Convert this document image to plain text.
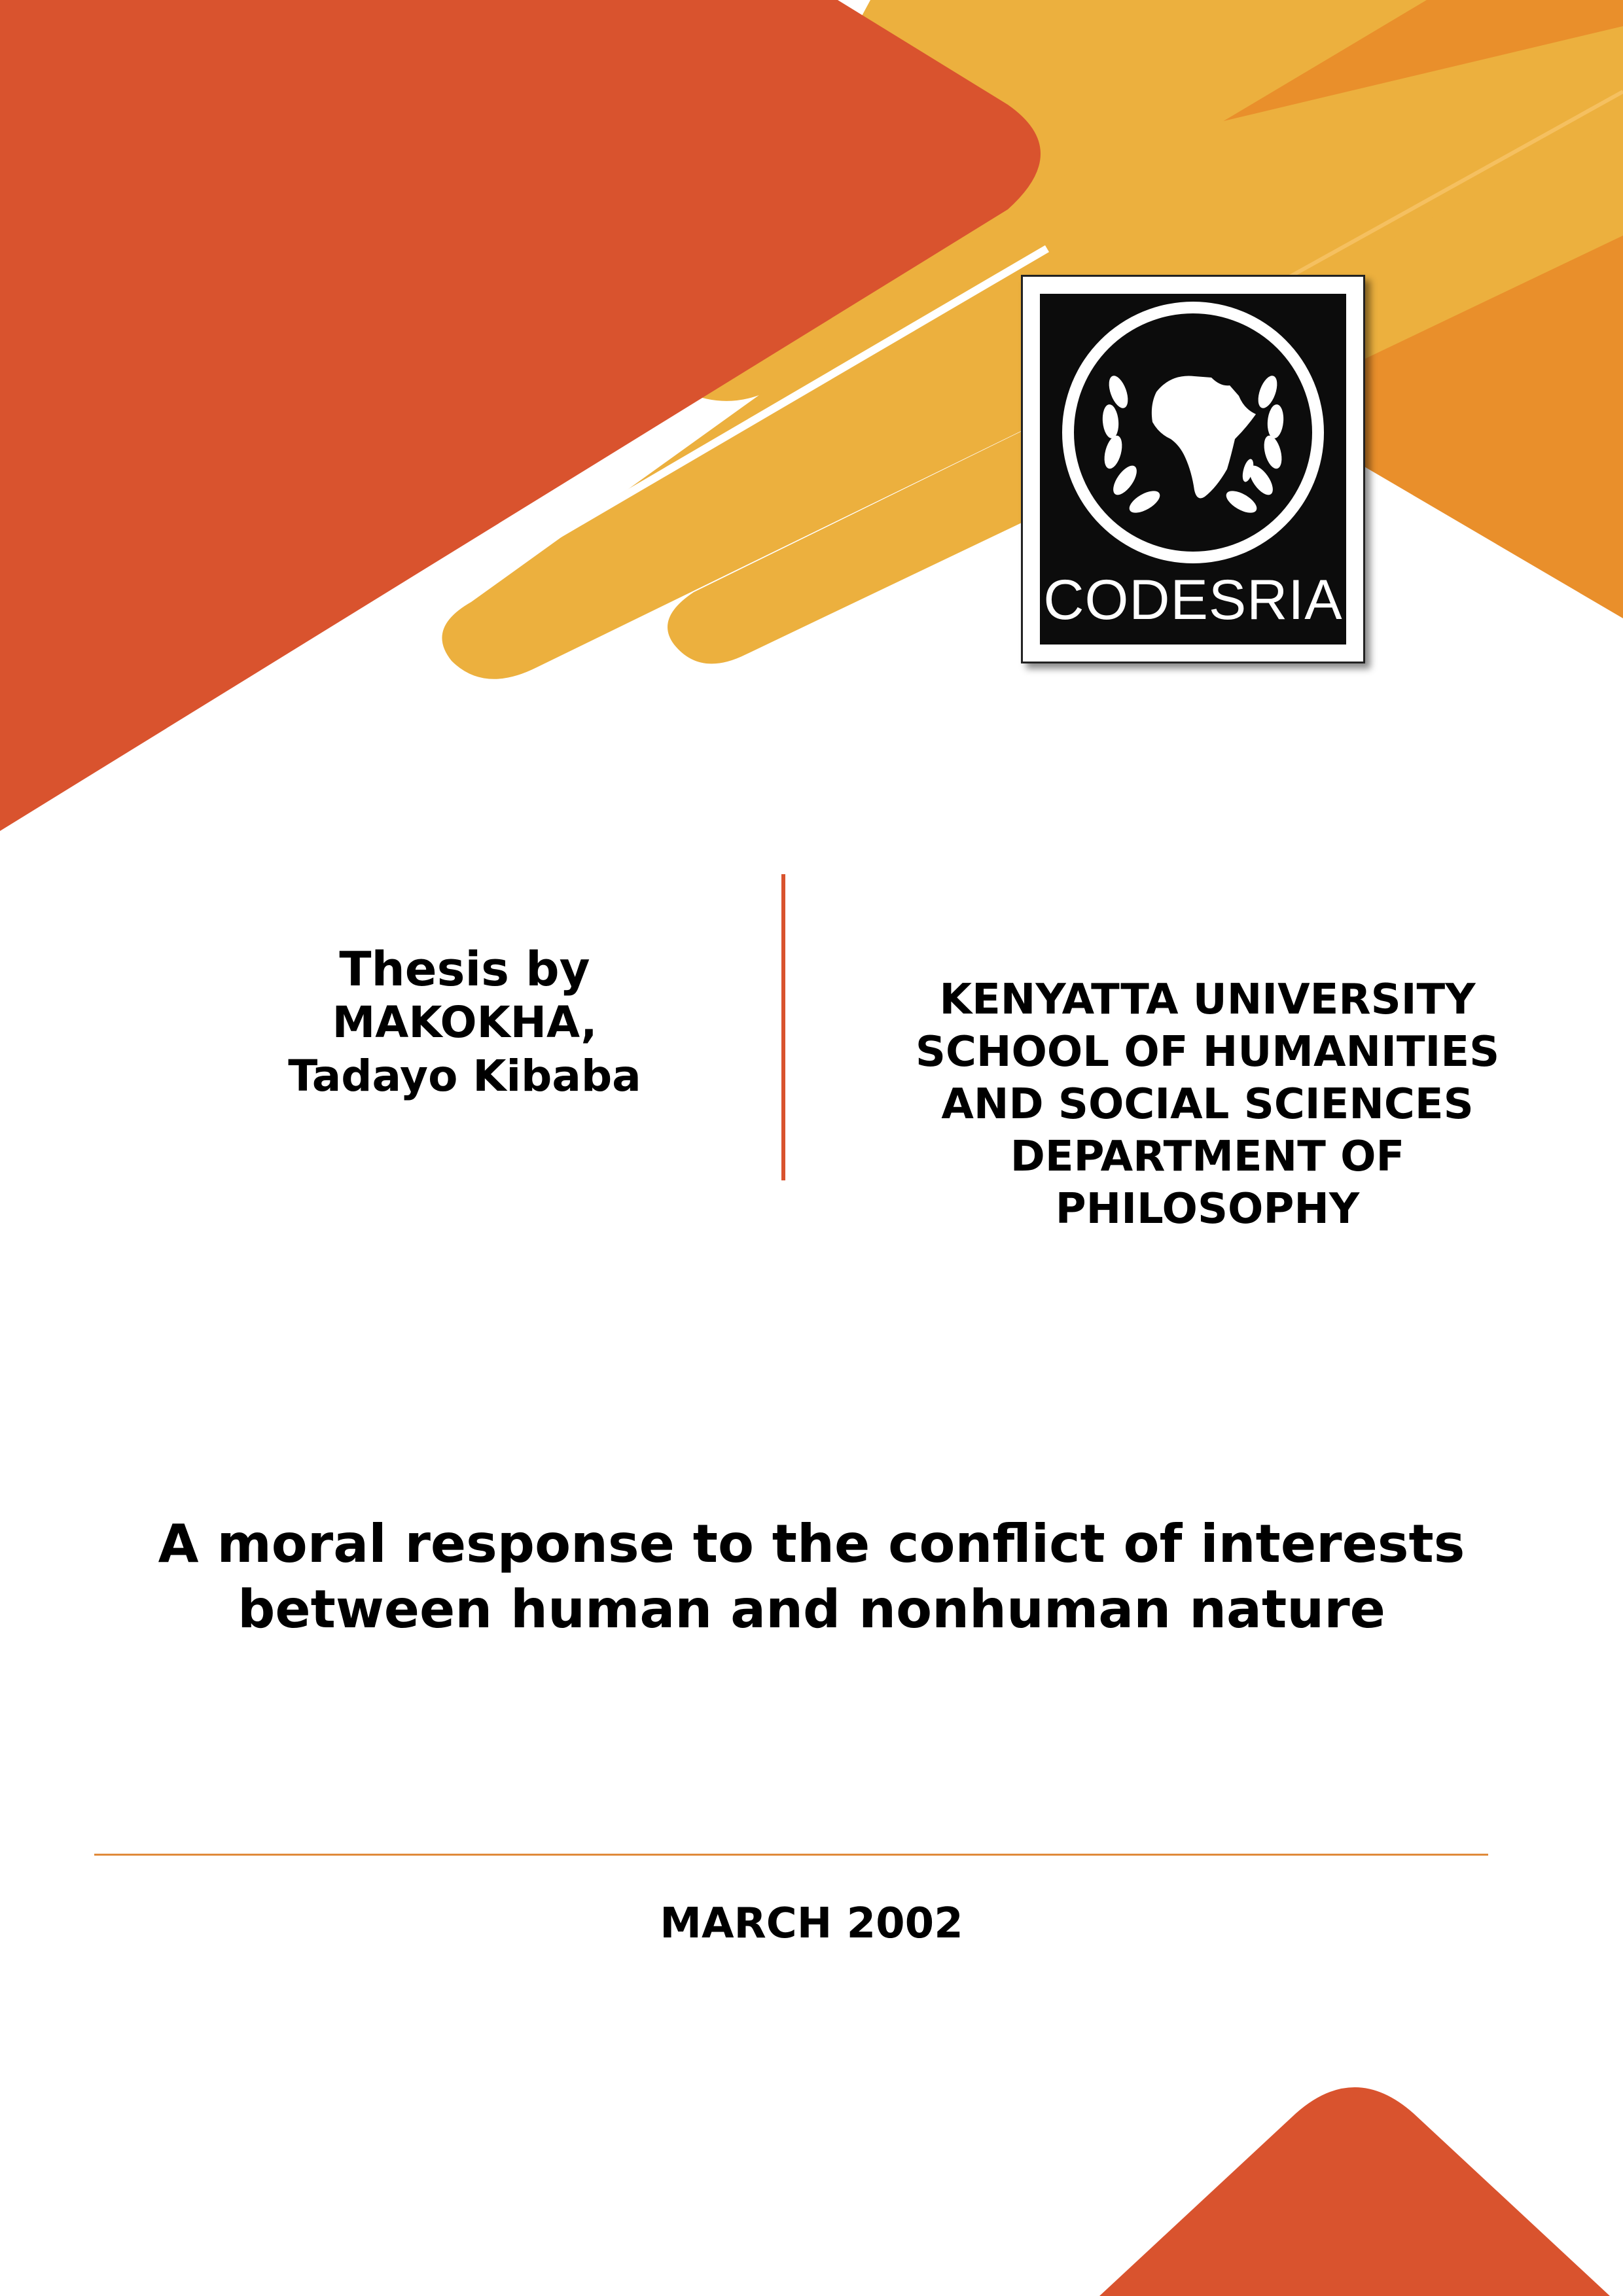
CODESRIA
Thesis by
MAKOKHA,
Tadayo Kibaba
KENYATTA UNIVERSITY
SCHOOL OF HUMANITIES
AND SOCIAL SCIENCES
DEPARTMENT OF
PHILOSOPHY
A moral response to the conflict of interests
between human and nonhuman nature
MARCH 2002
